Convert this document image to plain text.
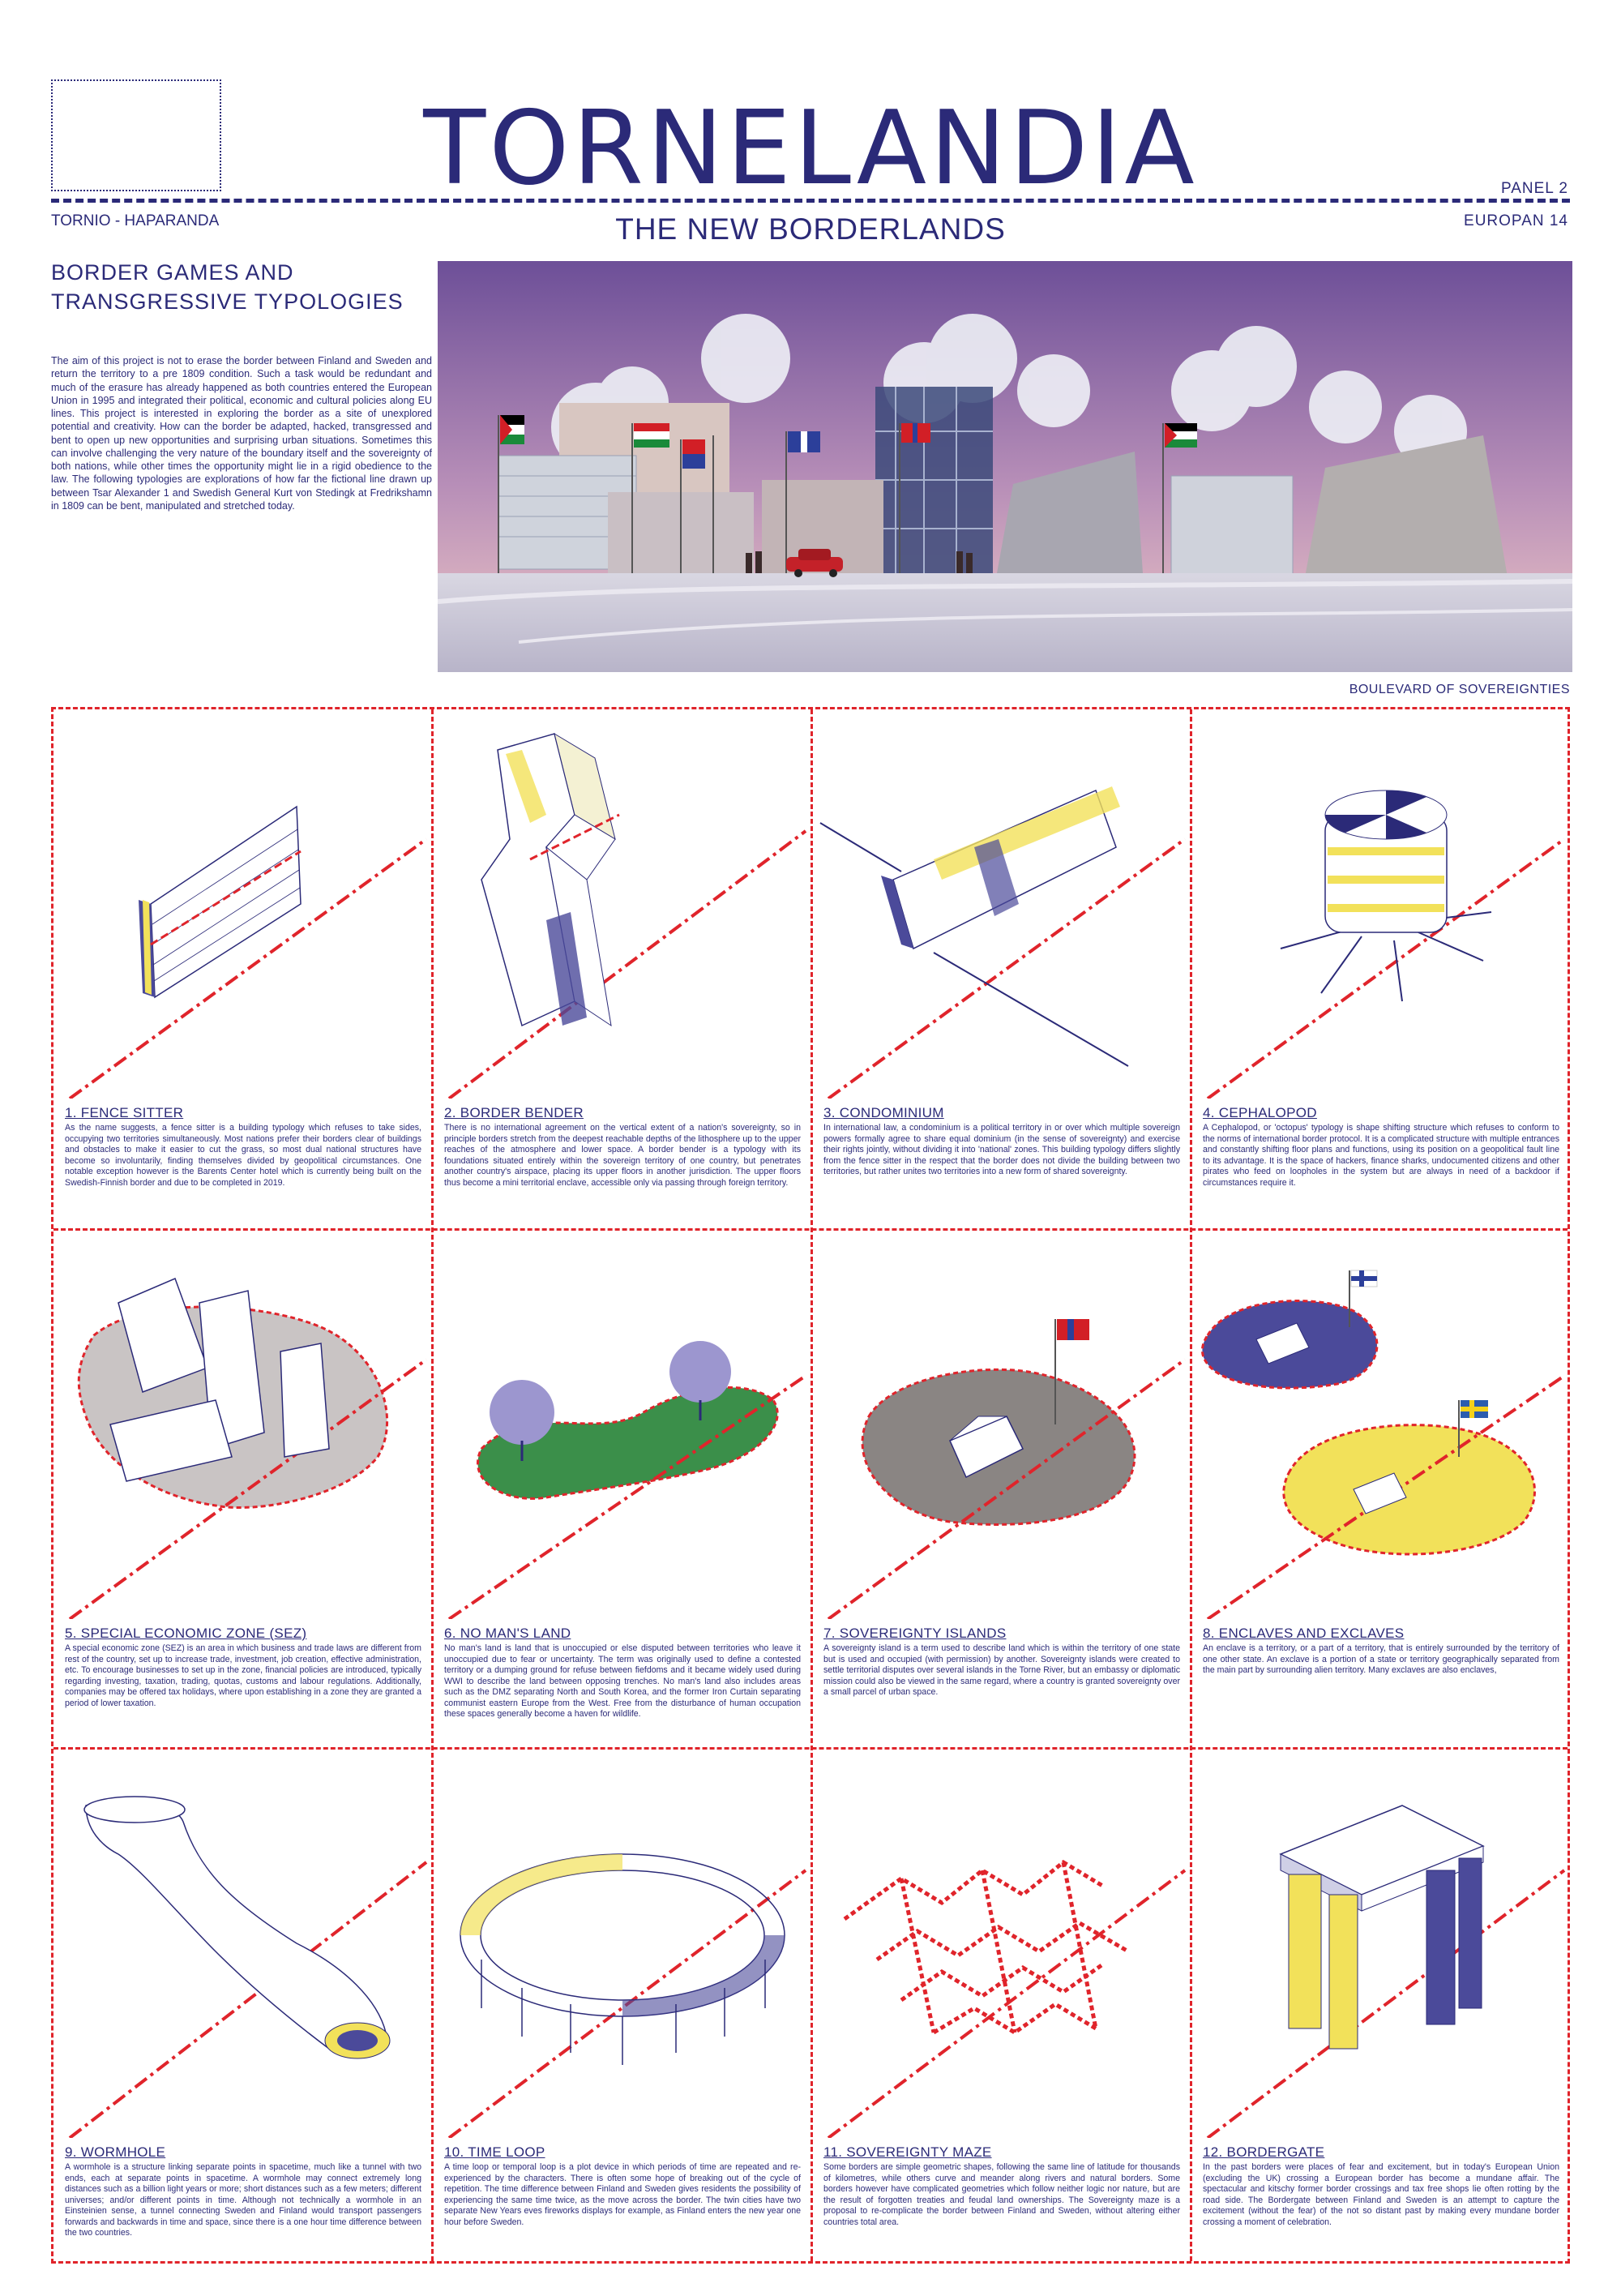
TORNELANDIA	PANEL 2
TORNIO - HAPARANDA	THE NEW BORDERLANDS	EUROPAN 14
BORDER GAMES AND
TRANSGRESSIVE TYPOLOGIES
The aim of this project is not to erase the border between Finland and Sweden and return the territory to a pre 1809 condition. Such a task would be redundant and much of the erasure has already happened as both countries entered the European Union in 1995 and integrated their political, economic and cultural policies along EU lines. This project is interested in exploring the border as a site of unexplored potential and creativity. How can the border be adapted, hacked, transgressed and bent to open up new opportunities and surprising urban situations. Sometimes this can involve challenging the very nature of the boundary itself and the sovereignty of both nations, while other times the opportunity might lie in a rigid obedience to the law. The following typologies are explorations of how far the fictional line drawn up between Tsar Alexander 1 and Swedish General Kurt von Stedingk at Fredrikshamn in 1809 can be bent, manipulated and stretched today.
BOULEVARD OF SOVEREIGNTIES
1. FENCE SITTER
As the name suggests, a fence sitter is a building typology which refuses to take sides, occupying two territories simultaneously. Most nations prefer their borders clear of buildings and obstacles to make it easier to cut the grass, so most dual national structures have become so involuntarily, finding themselves divided by geopolitical circumstances. One notable exception however is the Barents Center hotel which is currently being built on the Swedish-Finnish border and due to be completed in 2019.
2. BORDER BENDER
There is no international agreement on the vertical extent of a nation's sovereignty, so in principle borders stretch from the deepest reachable depths of the lithosphere up to the upper reaches of the atmosphere and lower space. A border bender is a typology with its foundations situated entirely within the sovereign territory of one country, but penetrates another country's airspace, placing its upper floors in another jurisdiction. The upper floors thus become a mini territorial enclave, accessible only via passing through foreign territory.
3. CONDOMINIUM
In international law, a condominium is a political territory in or over which multiple sovereign powers formally agree to share equal dominium (in the sense of sovereignty) and exercise their rights jointly, without dividing it into 'national' zones. This building typology differs slightly from the fence sitter in the respect that the border does not divide the building between two territories, but rather unites two territories into a new form of shared sovereignty.
4. CEPHALOPOD
A Cephalopod, or 'octopus' typology is shape shifting structure which refuses to conform to the norms of international border protocol. It is a complicated structure with multiple entrances and constantly shifting floor plans and functions, using its position on a geopolitical fault line to its advantage. It is the space of hackers, finance sharks, undocumented citizens and other pirates who feed on loopholes in the system but are always in need of a backdoor if circumstances require it.
5. SPECIAL ECONOMIC ZONE (SEZ)
A special economic zone (SEZ) is an area in which business and trade laws are different from rest of the country, set up to increase trade, investment, job creation, effective administration, etc. To encourage businesses to set up in the zone, financial policies are introduced, typically regarding investing, taxation, trading, quotas, customs and labour regulations. Additionally, companies may be offered tax holidays, where upon establishing in a zone they are granted a period of lower taxation.
6. NO MAN'S LAND
No man's land is land that is unoccupied or else disputed between territories who leave it unoccupied due to fear or uncertainty. The term was originally used to define a contested territory or a dumping ground for refuse between fiefdoms and it became widely used during WWI to describe the land between opposing trenches. No man's land also includes areas such as the DMZ separating North and South Korea, and the former Iron Curtain separating communist eastern Europe from the West. Free from the disturbance of human occupation these spaces generally become a haven for wildlife.
7. SOVEREIGNTY ISLANDS
A sovereignty island is a term used to describe land which is within the territory of one state but is used and occupied (with permission) by another. Sovereignty islands were created to settle territorial disputes over several islands in the Torne River, but an embassy or diplomatic mission could also be viewed in the same regard, where a country is granted sovereignty over a small parcel of urban space.
8. ENCLAVES AND EXCLAVES
An enclave is a territory, or a part of a territory, that is entirely surrounded by the territory of one other state. An exclave is a portion of a state or territory geographically separated from the main part by surrounding alien territory. Many exclaves are also enclaves,
9. WORMHOLE
A wormhole is a structure linking separate points in spacetime, much like a tunnel with two ends, each at separate points in spacetime. A wormhole may connect extremely long distances such as a billion light years or more; short distances such as a few meters; different universes; and/or different points in time. Although not technically a wormhole in an Einsteinien sense, a tunnel connecting Sweden and Finland would transport passengers forwards and backwards in time and space, since there is a one hour time difference between the two countries.
10. TIME LOOP
A time loop or temporal loop is a plot device in which periods of time are repeated and re-experienced by the characters. There is often some hope of breaking out of the cycle of repetition. The time difference between Finland and Sweden gives residents the possibility of experiencing the same time twice, as the move across the border. The twin cities have two separate New Years eves fireworks displays for example, as Finland enters the new year one hour before Sweden.
11. SOVEREIGNTY MAZE
Some borders are simple geometric shapes, following the same line of latitude for thousands of kilometres, while others curve and meander along rivers and natural borders. Some borders however have complicated geometries which follow neither logic nor nature, but are the result of forgotten treaties and feudal land ownerships. The Sovereignty maze is a proposal to re-complicate the border between Finland and Sweden, without altering either countries total area.
12. BORDERGATE
In the past borders were places of fear and excitement, but in today's European Union (excluding the UK) crossing a European border has become a mundane affair. The spectacular and kitschy former border crossings and tax free shops lie often rotting by the road side. The Bordergate between Finland and Sweden is an attempt to capture the excitement (without the fear) of the not so distant past by making every mundane border crossing a moment of celebration.
